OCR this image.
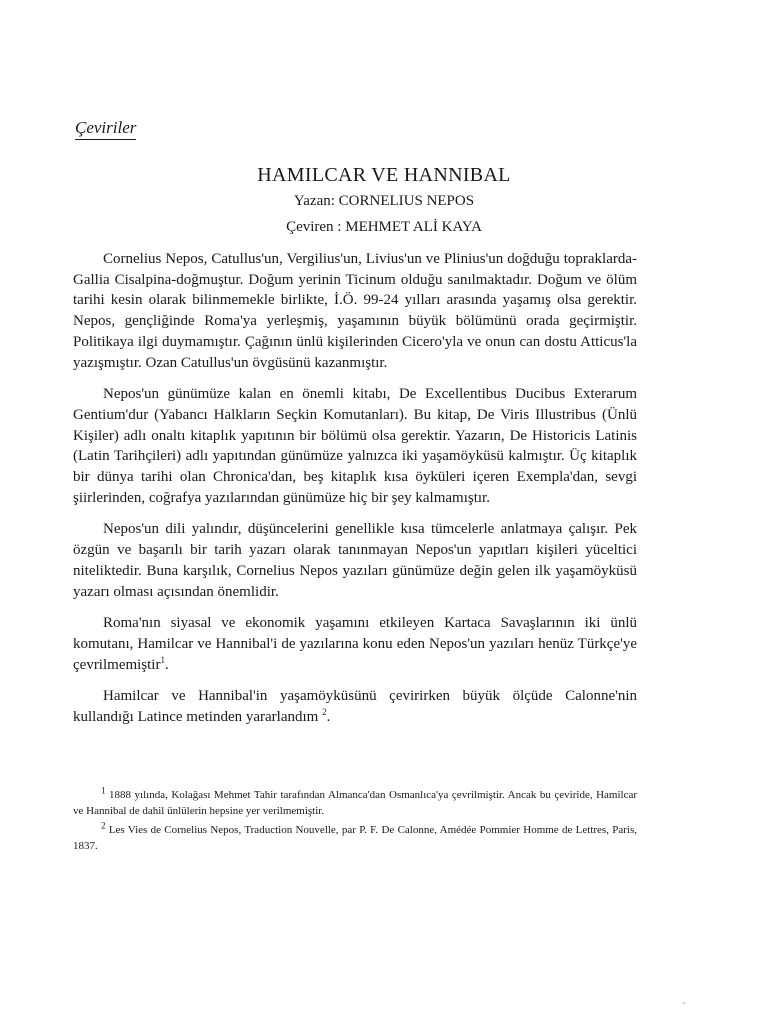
Çeviriler
HAMILCAR VE HANNIBAL
Yazan: CORNELIUS NEPOS
Çeviren : MEHMET ALİ KAYA

Cornelius Nepos, Catullus'un, Vergilius'un, Livius'un ve Plinius'un doğduğu topraklarda-Gallia Cisalpina-doğmuştur. Doğum yerinin Ticinum olduğu sanılmaktadır. Doğum ve ölüm tarihi kesin olarak bilinmemekle birlikte, İ.Ö. 99-24 yılları arasında yaşamış olsa gerektir. Nepos, gençliğinde Roma'ya yerleşmiş, yaşamının büyük bölümünü orada geçirmiştir. Politikaya ilgi duymamıştır. Çağının ünlü kişilerinden Cicero'yla ve onun can dostu Atticus'la yazışmıştır. Ozan Catullus'un övgüsünü kazanmıştır.

Nepos'un günümüze kalan en önemli kitabı, De Excellentibus Ducibus Exterarum Gentium'dur (Yabancı Halkların Seçkin Komutanları). Bu kitap, De Viris Illustribus (Ünlü Kişiler) adlı onaltı kitaplık yapıtının bir bölümü olsa gerektir. Yazarın, De Historicis Latinis (Latin Tarihçileri) adlı yapıtından günümüze yalnızca iki yaşamöyküsü kalmıştır. Üç kitaplık bir dünya tarihi olan Chronica'dan, beş kitaplık kısa öyküleri içeren Exempla'dan, sevgi şiirlerinden, coğrafya yazılarından günümüze hiç bir şey kalmamıştır.

Nepos'un dili yalındır, düşüncelerini genellikle kısa tümcelerle anlatmaya çalışır. Pek özgün ve başarılı bir tarih yazarı olarak tanınmayan Nepos'un yapıtları kişileri yüceltici niteliktedir. Buna karşılık, Cornelius Nepos yazıları günümüze değin gelen ilk yaşamöyküsü yazarı olması açısından önemlidir.

Roma'nın siyasal ve ekonomik yaşamını etkileyen Kartaca Savaşlarının iki ünlü komutanı, Hamilcar ve Hannibal'i de yazılarına konu eden Nepos'un yazıları henüz Türkçe'ye çevrilmemiştir$^1$.

Hamilcar ve Hannibal'in yaşamöyküsünü çevirirken büyük ölçüde Calonne'nin kullandığı Latince metinden yararlandım $^2$.

$^1$ 1888 yılında, Kolağası Mehmet Tahir tarafından Almanca'dan Osmanlıca'ya çevrilmiştir. Ancak bu çeviride, Hamilcar ve Hannibal de dahil ünlülerin hepsine yer verilmemiştir.

$^2$ Les Vies de Cornelius Nepos, Traduction Nouvelle, par P. F. De Calonne, Amédée Pommier Homme de Lettres, Paris, 1837.
